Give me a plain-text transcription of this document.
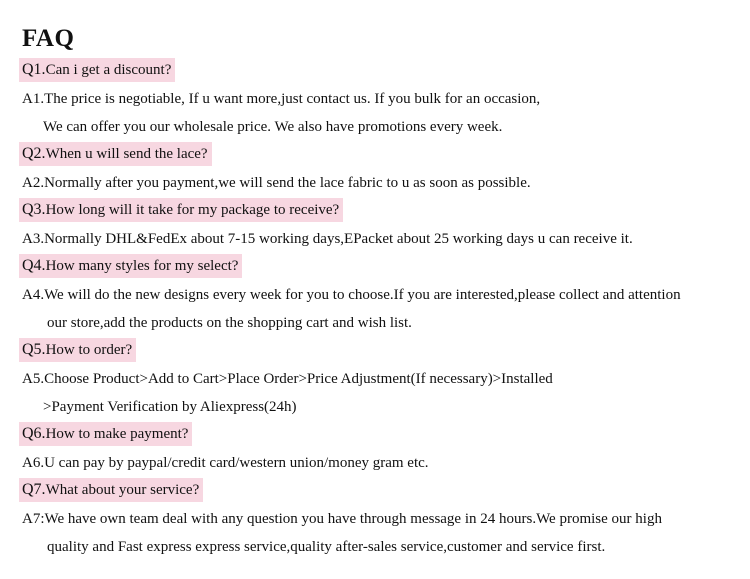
FAQ
Q1.Can i get a discount?
A1.The price is negotiable, If u want more,just contact us. If you bulk for an occasion,
We can offer you our wholesale price. We also have promotions every week.
Q2.When u will send the lace?
A2.Normally after you payment,we will send the lace fabric to u as soon as possible.
Q3.How long will it take for my package to receive?
A3.Normally DHL&FedEx about 7-15 working days,EPacket about 25 working days u can receive it.
Q4.How many styles for my select?
A4.We will do the new designs every week for you to choose.If you are interested,please collect and attention
our store,add the products on the shopping cart and wish list.
Q5.How to order?
A5.Choose Product>Add to Cart>Place Order>Price Adjustment(If necessary)>Installed
>Payment Verification by Aliexpress(24h)
Q6.How to make payment?
A6.U can pay by paypal/credit card/western union/money gram etc.
Q7.What about your service?
A7:We have own team deal with any question you have through message in 24 hours.We promise our high
quality and Fast express express service,quality after-sales service,customer and service first.
